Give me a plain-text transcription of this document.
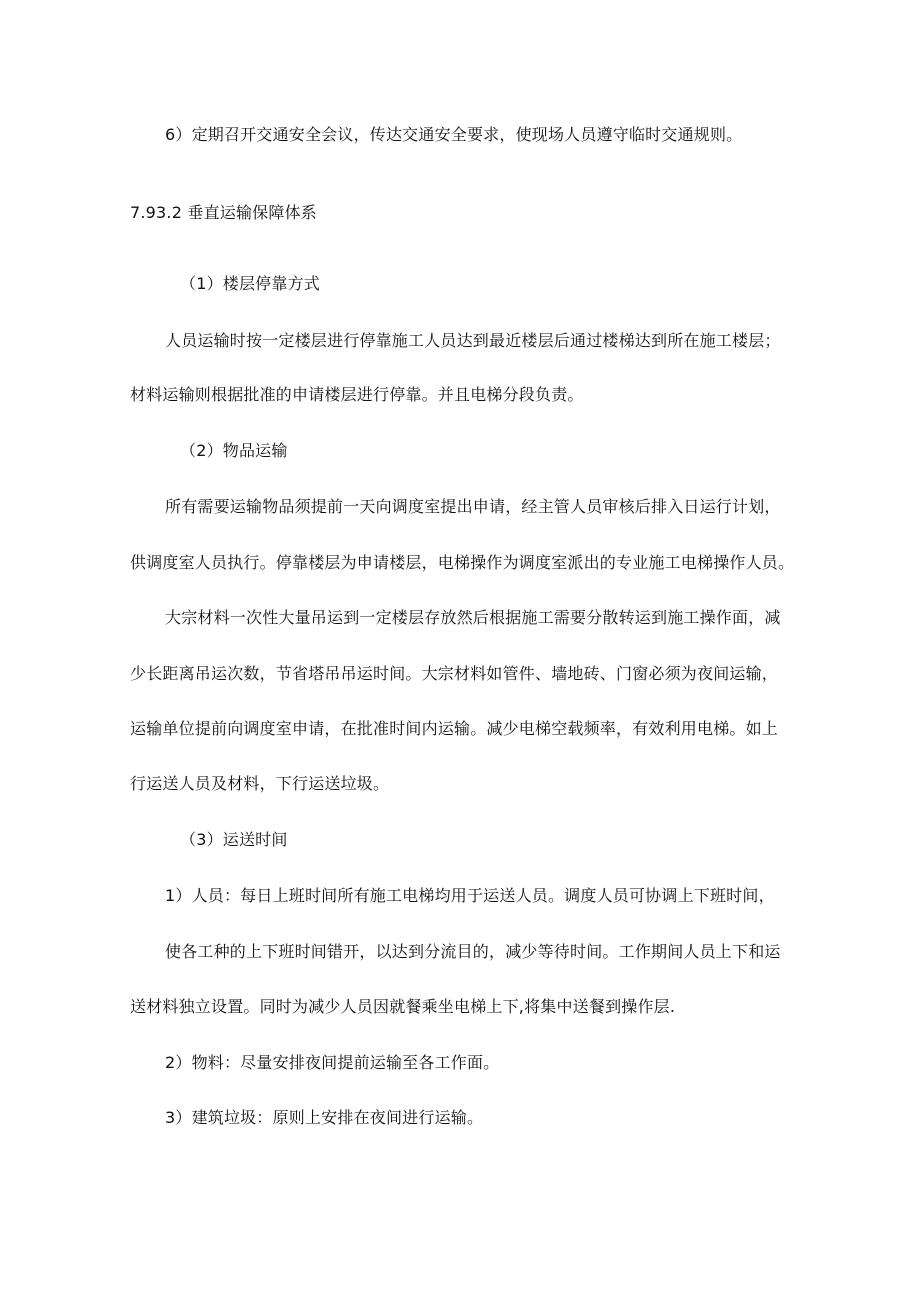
6）定期召开交通安全会议，传达交通安全要求，使现场人员遵守临时交通规则。
7.93.2 垂直运输保障体系
（1）楼层停靠方式
人员运输时按一定楼层进行停靠施工人员达到最近楼层后通过楼梯达到所在施工楼层；
材料运输则根据批准的申请楼层进行停靠。并且电梯分段负责。
（2）物品运输
所有需要运输物品须提前一天向调度室提出申请，经主管人员审核后排入日运行计划，
供调度室人员执行。停靠楼层为申请楼层，电梯操作为调度室派出的专业施工电梯操作人员。
大宗材料一次性大量吊运到一定楼层存放然后根据施工需要分散转运到施工操作面，减
少长距离吊运次数，节省塔吊吊运时间。大宗材料如管件、墙地砖、门窗必须为夜间运输，
运输单位提前向调度室申请，在批准时间内运输。减少电梯空载频率，有效利用电梯。如上
行运送人员及材料，下行运送垃圾。
（3）运送时间
1）人员：每日上班时间所有施工电梯均用于运送人员。调度人员可协调上下班时间，
使各工种的上下班时间错开，以达到分流目的，减少等待时间。工作期间人员上下和运
送材料独立设置。同时为减少人员因就餐乘坐电梯上下,将集中送餐到操作层.
2）物料：尽量安排夜间提前运输至各工作面。
3）建筑垃圾：原则上安排在夜间进行运输。
